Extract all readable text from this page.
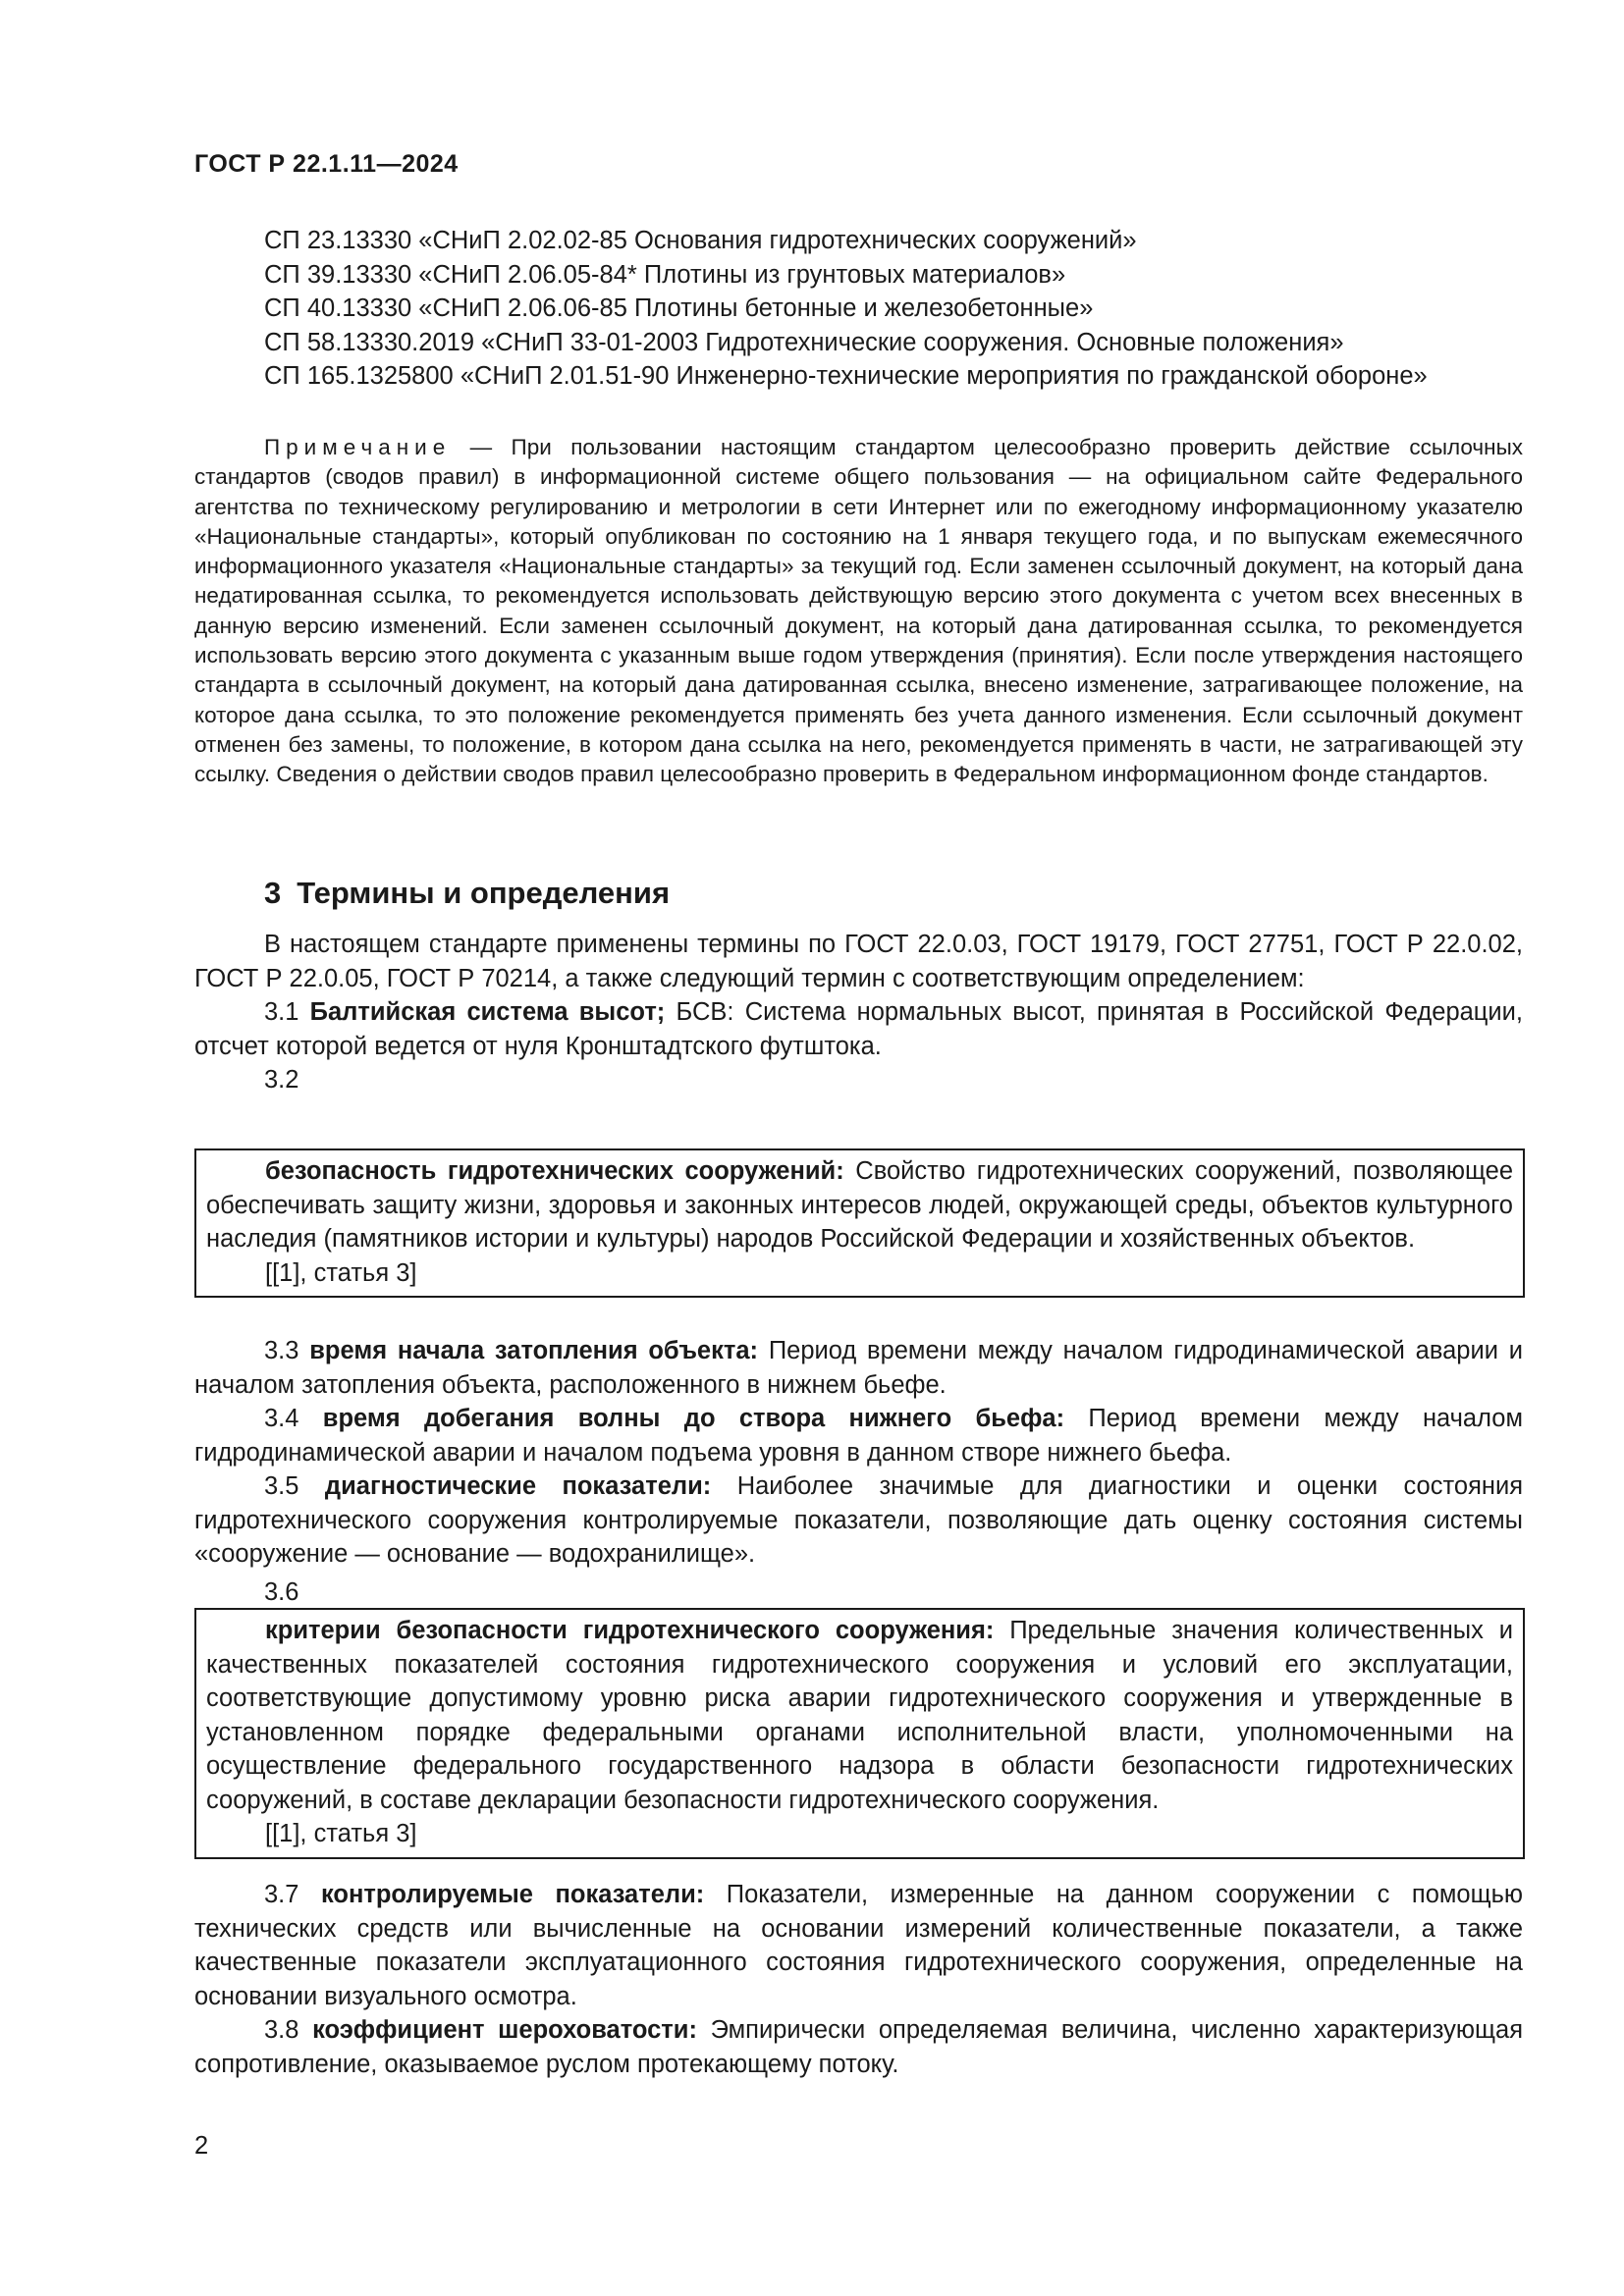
ГОСТ Р 22.1.11—2024

СП 23.13330 «СНиП 2.02.02-85 Основания гидротехнических сооружений»

СП 39.13330 «СНиП 2.06.05-84* Плотины из грунтовых материалов»

СП 40.13330 «СНиП 2.06.06-85 Плотины бетонные и железобетонные»

СП 58.13330.2019 «СНиП 33-01-2003 Гидротехнические сооружения. Основные положения»

СП 165.1325800 «СНиП 2.01.51-90 Инженерно-технические мероприятия по гражданской обороне»

Примечание — При пользовании настоящим стандартом целесообразно проверить действие ссылочных стандартов (сводов правил) в информационной системе общего пользования — на официальном сайте Федерального агентства по техническому регулированию и метрологии в сети Интернет или по ежегодному информационному указателю «Национальные стандарты», который опубликован по состоянию на 1 января текущего года, и по выпускам ежемесячного информационного указателя «Национальные стандарты» за текущий год. Если заменен ссылочный документ, на который дана недатированная ссылка, то рекомендуется использовать действующую версию этого документа с учетом всех внесенных в данную версию изменений. Если заменен ссылочный документ, на который дана датированная ссылка, то рекомендуется использовать версию этого документа с указанным выше годом утверждения (принятия). Если после утверждения настоящего стандарта в ссылочный документ, на который дана датированная ссылка, внесено изменение, затрагивающее положение, на которое дана ссылка, то это положение рекомендуется применять без учета данного изменения. Если ссылочный документ отменен без замены, то положение, в котором дана ссылка на него, рекомендуется применять в части, не затрагивающей эту ссылку. Сведения о действии сводов правил целесообразно проверить в Федеральном информационном фонде стандартов.

3 Термины и определения

В настоящем стандарте применены термины по ГОСТ 22.0.03, ГОСТ 19179, ГОСТ 27751, ГОСТ Р 22.0.02, ГОСТ Р 22.0.05, ГОСТ Р 70214, а также следующий термин с соответствующим определением:

3.1 Балтийская система высот; БСВ: Система нормальных высот, принятая в Российской Федерации, отсчет которой ведется от нуля Кронштадтского футштока.

3.2

безопасность гидротехнических сооружений: Свойство гидротехнических сооружений, позволяющее обеспечивать защиту жизни, здоровья и законных интересов людей, окружающей среды, объектов культурного наследия (памятников истории и культуры) народов Российской Федерации и хозяйственных объектов.

[[1], статья 3]

3.3 время начала затопления объекта: Период времени между началом гидродинамической аварии и началом затопления объекта, расположенного в нижнем бьефе.

3.4 время добегания волны до створа нижнего бьефа: Период времени между началом гидродинамической аварии и началом подъема уровня в данном створе нижнего бьефа.

3.5 диагностические показатели: Наиболее значимые для диагностики и оценки состояния гидротехнического сооружения контролируемые показатели, позволяющие дать оценку состояния системы «сооружение — основание — водохранилище».

3.6

критерии безопасности гидротехнического сооружения: Предельные значения количественных и качественных показателей состояния гидротехнического сооружения и условий его эксплуатации, соответствующие допустимому уровню риска аварии гидротехнического сооружения и утвержденные в установленном порядке федеральными органами исполнительной власти, уполномоченными на осуществление федерального государственного надзора в области безопасности гидротехнических сооружений, в составе декларации безопасности гидротехнического сооружения.

[[1], статья 3]

3.7 контролируемые показатели: Показатели, измеренные на данном сооружении с помощью технических средств или вычисленные на основании измерений количественные показатели, а также качественные показатели эксплуатационного состояния гидротехнического сооружения, определенные на основании визуального осмотра.

3.8 коэффициент шероховатости: Эмпирически определяемая величина, численно характеризующая сопротивление, оказываемое руслом протекающему потоку.

2
